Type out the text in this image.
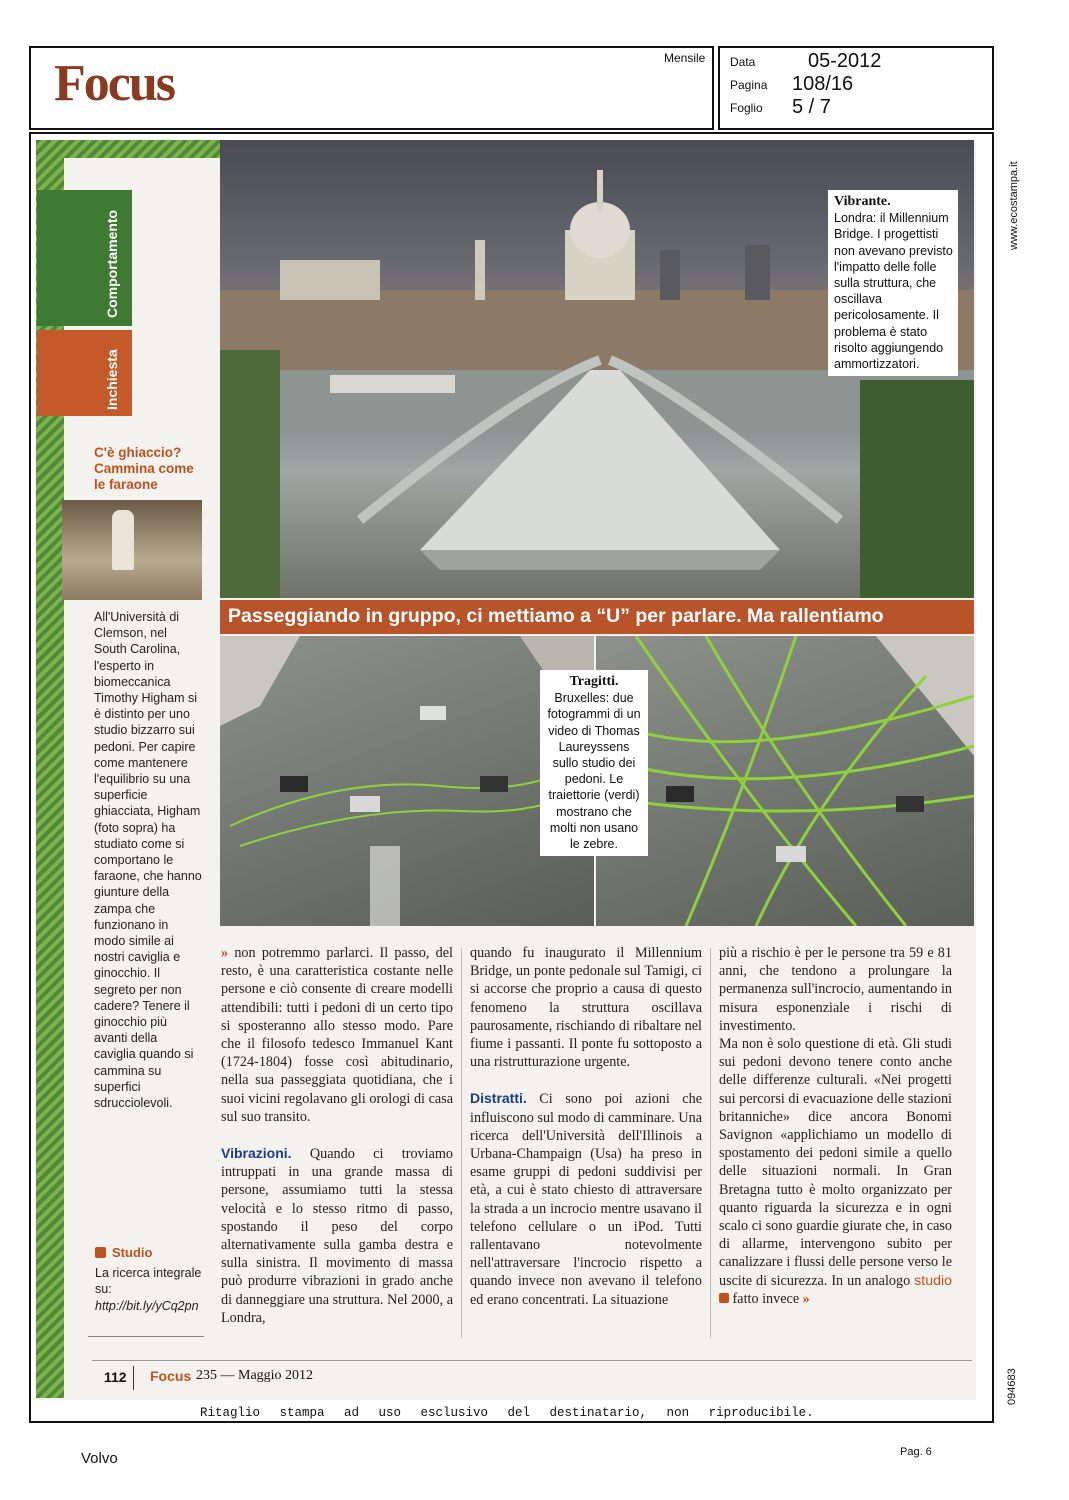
Focus	Mensile Data	05-2012
Pagina 108/16
Foglio 5 / 7
www.ecostampa.it
094683
Comportamento
Inchiesta
C'è ghiaccio? Cammina come le faraone
All'Università di Clemson, nel South Carolina, l'esperto in biomeccanica Timothy Higham si è distinto per uno studio bizzarro sui pedoni. Per capire come mantenere l'equilibrio su una superficie ghiacciata, Higham (foto sopra) ha studiato come si comportano le faraone, che hanno giunture della zampa che funzionano in modo simile ai nostri caviglia e ginocchio. Il segreto per non cadere? Tenere il ginocchio più avanti della caviglia quando si cammina su superfici sdrucciolevoli.
Studio
La ricerca integrale su:
http://bit.ly/yCq2pn
Vibrante.
Londra: il Millennium Bridge. I progettisti non avevano previsto l'impatto delle folle sulla struttura, che oscillava pericolosamente. Il problema è stato risolto aggiungendo ammortizzatori.
Passeggiando in gruppo, ci mettiamo a “U” per parlare. Ma rallentiamo
Tragitti.
Bruxelles: due fotogrammi di un video di Thomas Laureyssens sullo studio dei pedoni. Le traiettorie (verdi) mostrano che molti non usano le zebre.

» non potremmo parlarci. Il passo, del resto, è una caratteristica costante nelle persone e ciò consente di creare modelli attendibili: tutti i pedoni di un certo tipo si sposteranno allo stesso modo. Pare che il filosofo tedesco Immanuel Kant (1724-1804) fosse così abitudinario, nella sua passeggiata quotidiana, che i suoi vicini regolavano gli orologi di casa sul suo transito.

Vibrazioni. Quando ci troviamo intruppati in una grande massa di persone, assumiamo tutti la stessa velocità e lo stesso ritmo di passo, spostando il peso del corpo alternativamente sulla gamba destra e sulla sinistra. Il movimento di massa può produrre vibrazioni in grado anche di danneggiare una struttura. Nel 2000, a Londra,

quando fu inaugurato il Millennium Bridge, un ponte pedonale sul Tamigi, ci si accorse che proprio a causa di questo fenomeno la struttura oscillava paurosamente, rischiando di ribaltare nel fiume i passanti. Il ponte fu sottoposto a una ristrutturazione urgente.

Distratti. Ci sono poi azioni che influiscono sul modo di camminare. Una ricerca dell'Università dell'Illinois a Urbana-Champaign (Usa) ha preso in esame gruppi di pedoni suddivisi per età, a cui è stato chiesto di attraversare la strada a un incrocio mentre usavano il telefono cellulare o un iPod. Tutti rallentavano notevolmente nell'attraversare l'incrocio rispetto a quando invece non avevano il telefono ed erano concentrati. La situazione

più a rischio è per le persone tra 59 e 81 anni, che tendono a prolungare la permanenza sull'incrocio, aumentando in misura esponenziale i rischi di investimento.

Ma non è solo questione di età. Gli studi sui pedoni devono tenere conto anche delle differenze culturali. «Nei progetti sui percorsi di evacuazione delle stazioni britanniche» dice ancora Bonomi Savignon «applichiamo un modello di spostamento dei pedoni simile a quello delle situazioni normali. In Gran Bretagna tutto è molto organizzato per quanto riguarda la sicurezza e in ogni scalo ci sono guardie giurate che, in caso di allarme, intervengono subito per canalizzare i flussi delle persone verso le uscite di sicurezza. In un analogo studio  fatto invece »

112 Focus 235 — Maggio 2012
Ritaglio stampa ad uso esclusivo del destinatario, non riproducibile.
Volvo	Pag. 6
